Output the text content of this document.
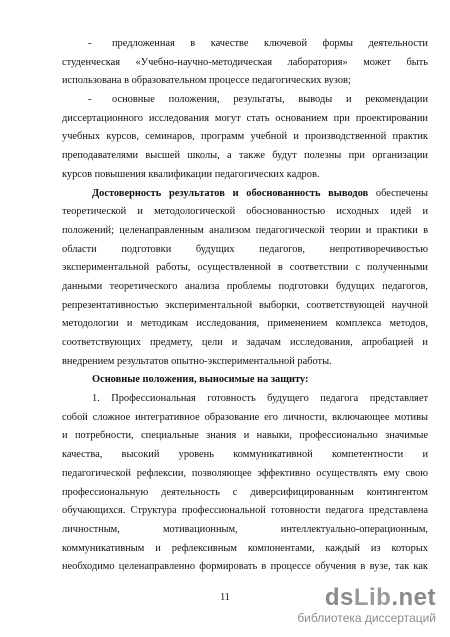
-	предложенная в качестве ключевой формы деятельности
студенческая «Учебно-научно-методическая лаборатория» может быть
использована в образовательном процессе педагогических вузов;
-	основные положения, результаты, выводы и рекомендации
диссертационного исследования могут стать основанием при проектировании
учебных курсов, семинаров, программ учебной и производственной практик
преподавателями высшей школы, а также будут полезны при организации
курсов повышения квалификации педагогических кадров.
Достоверность результатов и обоснованность выводов обеспечены
теоретической и методологической обоснованностью исходных идей и
положений; целенаправленным анализом педагогической теории и практики в
области подготовки будущих педагогов, непротиворечивостью
экспериментальной работы, осуществленной в соответствии с полученными
данными теоретического анализа проблемы подготовки будущих педагогов,
репрезентативностью экспериментальной выборки, соответствующей научной
методологии и методикам исследования, применением комплекса методов,
соответствующих предмету, цели и задачам исследования, апробацией и
внедрением результатов опытно-экспериментальной работы.
Основные положения, выносимые на защиту:
1. Профессиональная готовность будущего педагога представляет
собой сложное интегративное образование его личности, включающее мотивы
и потребности, специальные знания и навыки, профессионально значимые
качества, высокий уровень коммуникативной компетентности и
педагогической рефлексии, позволяющее эффективно осуществлять ему свою
профессиональную деятельность с диверсифицированным контингентом
обучающихся. Структура профессиональной готовности педагога представлена
личностным, мотивационным, интеллектуально-операционным,
коммуникативным и рефлексивным компонентами, каждый из которых
необходимо целенаправленно формировать в процессе обучения в вузе, так как
11	dsLib.net
библиотека диссертаций
